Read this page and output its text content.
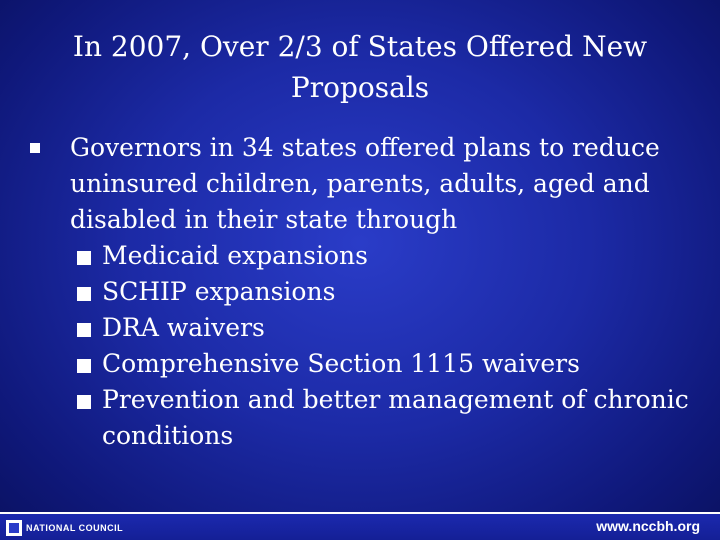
In 2007, Over 2/3 of States Offered New Proposals
Governors in 34 states offered plans to reduce uninsured children, parents, adults, aged and disabled in their state through
Medicaid expansions
SCHIP expansions
DRA waivers
Comprehensive Section 1115 waivers
Prevention and better management of chronic conditions
NATIONAL COUNCIL	www.nccbh.org
